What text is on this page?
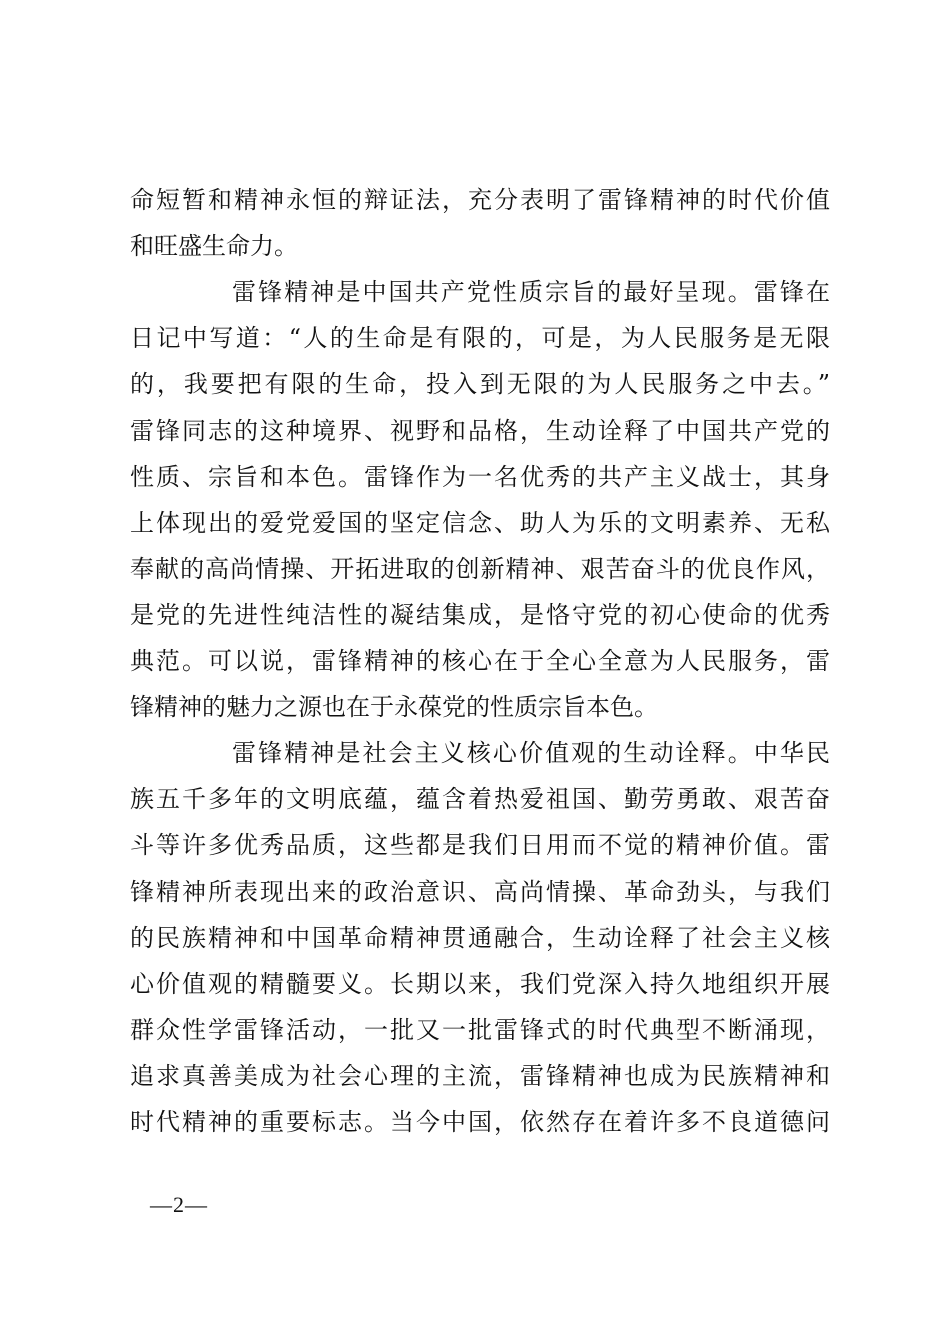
命短暂和精神永恒的辩证法，充分表明了雷锋精神的时代价值
和旺盛生命力。
雷锋精神是中国共产党性质宗旨的最好呈现。雷锋在
日记中写道：“人的生命是有限的，可是，为人民服务是无限
的，我要把有限的生命，投入到无限的为人民服务之中去。”
雷锋同志的这种境界、视野和品格，生动诠释了中国共产党的
性质、宗旨和本色。雷锋作为一名优秀的共产主义战士，其身
上体现出的爱党爱国的坚定信念、助人为乐的文明素养、无私
奉献的高尚情操、开拓进取的创新精神、艰苦奋斗的优良作风，
是党的先进性纯洁性的凝结集成，是恪守党的初心使命的优秀
典范。可以说，雷锋精神的核心在于全心全意为人民服务，雷
锋精神的魅力之源也在于永葆党的性质宗旨本色。
雷锋精神是社会主义核心价值观的生动诠释。中华民
族五千多年的文明底蕴，蕴含着热爱祖国、勤劳勇敢、艰苦奋
斗等许多优秀品质，这些都是我们日用而不觉的精神价值。雷
锋精神所表现出来的政治意识、高尚情操、革命劲头，与我们
的民族精神和中国革命精神贯通融合，生动诠释了社会主义核
心价值观的精髓要义。长期以来，我们党深入持久地组织开展
群众性学雷锋活动，一批又一批雷锋式的时代典型不断涌现，
追求真善美成为社会心理的主流，雷锋精神也成为民族精神和
时代精神的重要标志。当今中国，依然存在着许多不良道德问
—2—
